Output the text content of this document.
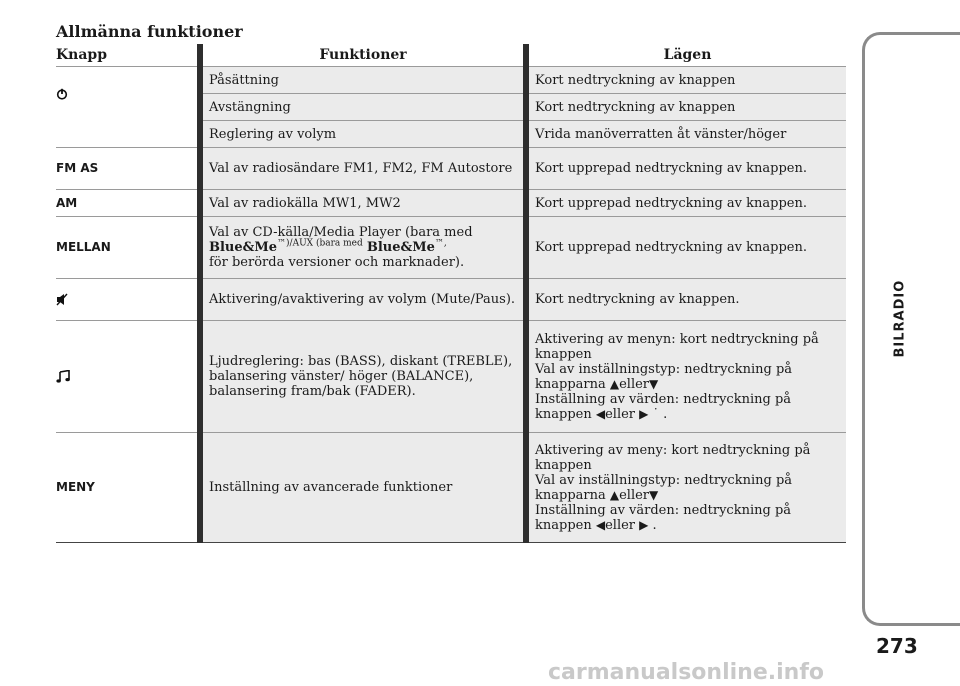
Allmänna funktioner
Knapp	Funktioner	Lägen
	Påsättning	Kort nedtryckning av knappen
	Avstängning	Kort nedtryckning av knappen
	Reglering av volym	Vrida manöverratten åt vänster/höger
FM AS	Val av radiosändare FM1, FM2, FM Autostore	Kort upprepad nedtryckning av knappen.
AM	Val av radiokälla MW1, MW2	Kort upprepad nedtryckning av knappen.
MELLAN	Val av CD-källa/Media Player (bara med
$Blue\&Me^{™)/AUX (bara med}$ Blue&Me™,
för berörda versioner och marknader).	Kort upprepad nedtryckning av knappen.
	Aktivering/avaktivering av volym (Mute/Paus).	Kort nedtryckning av knappen.
	Ljudreglering: bas (BASS), diskant (TREBLE), balansering vänster/ höger (BALANCE), balansering fram/bak (FADER).	Aktivering av menyn: kort nedtryckning på knappen
Val av inställningstyp: nedtryckning på knapparna ▲eller▼
Inställning av värden: nedtryckning på knappen ◀eller ▶ ˙ .
MENY	Inställning av avancerade funktioner	Aktivering av meny: kort nedtryckning på knappen
Val av inställningstyp: nedtryckning på knapparna ▲eller▼
Inställning av värden: nedtryckning på knappen ◀eller ▶ .
BILRADIO
273
carmanualsonline.info
